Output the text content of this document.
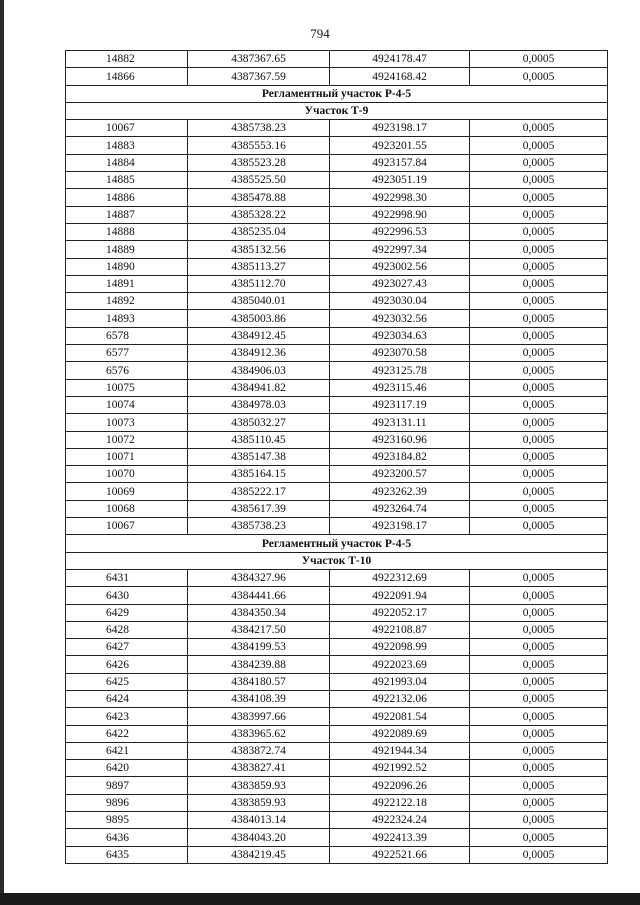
794
14882	4387367.65	4924178.47	0,0005
14866	4387367.59	4924168.42	0,0005
Регламентный участок Р-4-5			
Участок Т-9			
10067	4385738.23	4923198.17	0,0005
14883	4385553.16	4923201.55	0,0005
14884	4385523.28	4923157.84	0,0005
14885	4385525.50	4923051.19	0,0005
14886	4385478.88	4922998.30	0,0005
14887	4385328.22	4922998.90	0,0005
14888	4385235.04	4922996.53	0,0005
14889	4385132.56	4922997.34	0,0005
14890	4385113.27	4923002.56	0,0005
14891	4385112.70	4923027.43	0,0005
14892	4385040.01	4923030.04	0,0005
14893	4385003.86	4923032.56	0,0005
6578	4384912.45	4923034.63	0,0005
6577	4384912.36	4923070.58	0,0005
6576	4384906.03	4923125.78	0,0005
10075	4384941.82	4923115.46	0,0005
10074	4384978.03	4923117.19	0,0005
10073	4385032.27	4923131.11	0,0005
10072	4385110.45	4923160.96	0,0005
10071	4385147.38	4923184.82	0,0005
10070	4385164.15	4923200.57	0,0005
10069	4385222.17	4923262.39	0,0005
10068	4385617.39	4923264.74	0,0005
10067	4385738.23	4923198.17	0,0005
Регламентный участок Р-4-5			
Участок Т-10			
6431	4384327.96	4922312.69	0,0005
6430	4384441.66	4922091.94	0,0005
6429	4384350.34	4922052.17	0,0005
6428	4384217.50	4922108.87	0,0005
6427	4384199.53	4922098.99	0,0005
6426	4384239.88	4922023.69	0,0005
6425	4384180.57	4921993.04	0,0005
6424	4384108.39	4922132.06	0,0005
6423	4383997.66	4922081.54	0,0005
6422	4383965.62	4922089.69	0,0005
6421	4383872.74	4921944.34	0,0005
6420	4383827.41	4921992.52	0,0005
9897	4383859.93	4922096.26	0,0005
9896	4383859.93	4922122.18	0,0005
9895	4384013.14	4922324.24	0,0005
6436	4384043.20	4922413.39	0,0005
6435	4384219.45	4922521.66	0,0005
